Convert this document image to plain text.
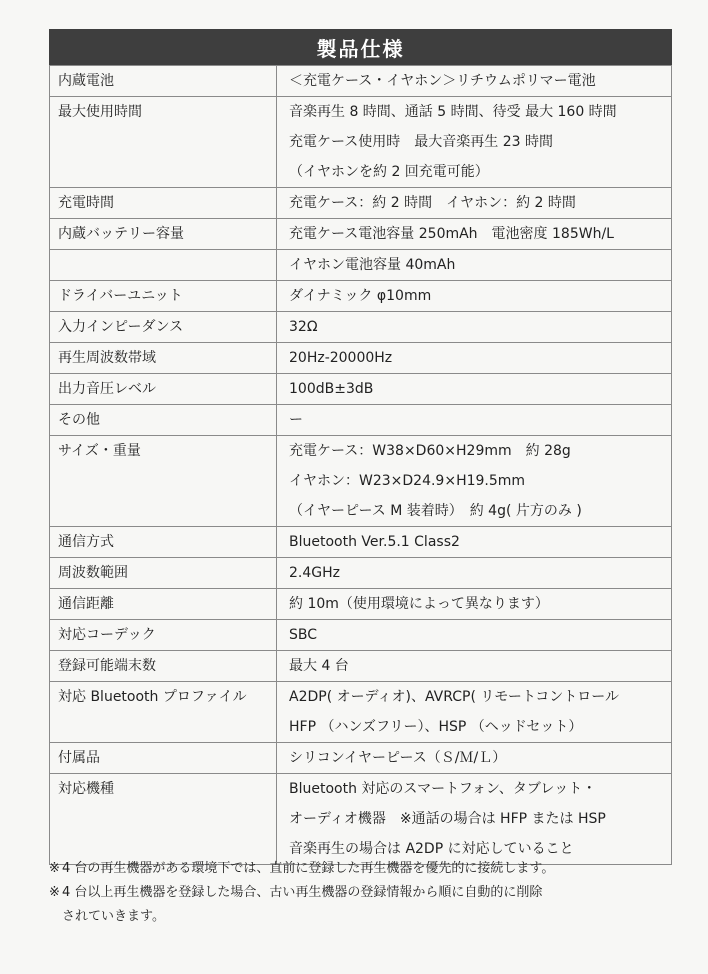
製品仕様
内蔵電池	＜充電ケース・イヤホン＞リチウムポリマー電池

最大使用時間	音楽再生 8 時間、通話 5 時間、待受 最大 160 時間
充電ケース使用時　最大音楽再生 23 時間
（イヤホンを約 2 回充電可能）

充電時間	充電ケース：約 2 時間　イヤホン：約 2 時間

内蔵バッテリー容量	充電ケース電池容量 250mAh　電池密度 185Wh/L

	イヤホン電池容量 40mAh

ドライバーユニット	ダイナミック φ10mm

入力インピーダンス	32Ω

再生周波数帯域	20Hz-20000Hz

出力音圧レベル	100dB±3dB

その他	ー

サイズ・重量	充電ケース：W38×D60×H29mm　約 28g
イヤホン：W23×D24.9×H19.5mm
（イヤーピース M 装着時）　約 4g( 片方のみ )

通信方式	Bluetooth Ver.5.1 Class2

周波数範囲	2.4GHz

通信距離	約 10m（使用環境によって異なります）

対応コーデック	SBC

登録可能端末数	最大 4 台

対応 Bluetooth プロファイル	A2DP( オーディオ)、AVRCP( リモートコントロール
HFP （ハンズフリー）、HSP （ヘッドセット）

付属品	シリコンイヤーピース（Ｓ/Ｍ/Ｌ）

対応機種	Bluetooth 対応のスマートフォン、タブレット・
オーディオ機器　※通話の場合は HFP または HSP
音楽再生の場合は A2DP に対応していること
※ 4 台の再生機器がある環境下では、直前に登録した再生機器を優先的に接続します。
※ 4 台以上再生機器を登録した場合、古い再生機器の登録情報から順に自動的に削除
されていきます。
